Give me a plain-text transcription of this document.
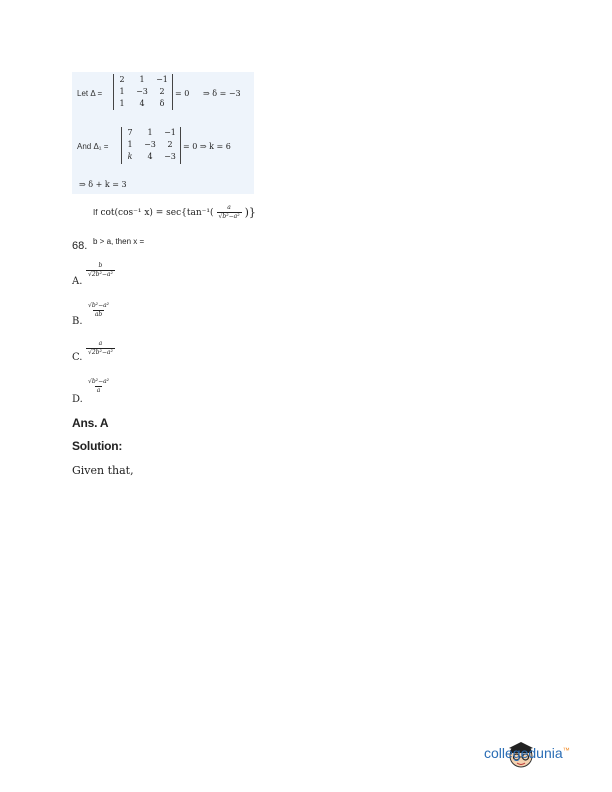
Let Δ =
2	1	−1
1	−3	2
1	4	δ
= 0 ⇒ δ = −3
And Δ₁ =
7	1	−1
1	−3	2
k	4	−3
= 0 ⇒ k = 6
⇒ δ + k = 3
If cot(cos⁻¹ $x) = \sec\{\tan^{-1}( \frac{a}{\text{√b²−a²}}$ )}
68. b > a, then x =
A.
$\frac{b}{\text{√2b²−a²}}$
B.
$\frac{\text{√b²−a²}}{ab}$
C.
$\frac{a}{\text{√2b²−a²}}$
D.
$\frac{\text{√b²−a²}}{a}$
Ans. A
Solution:
Given that,
collegedunia™
